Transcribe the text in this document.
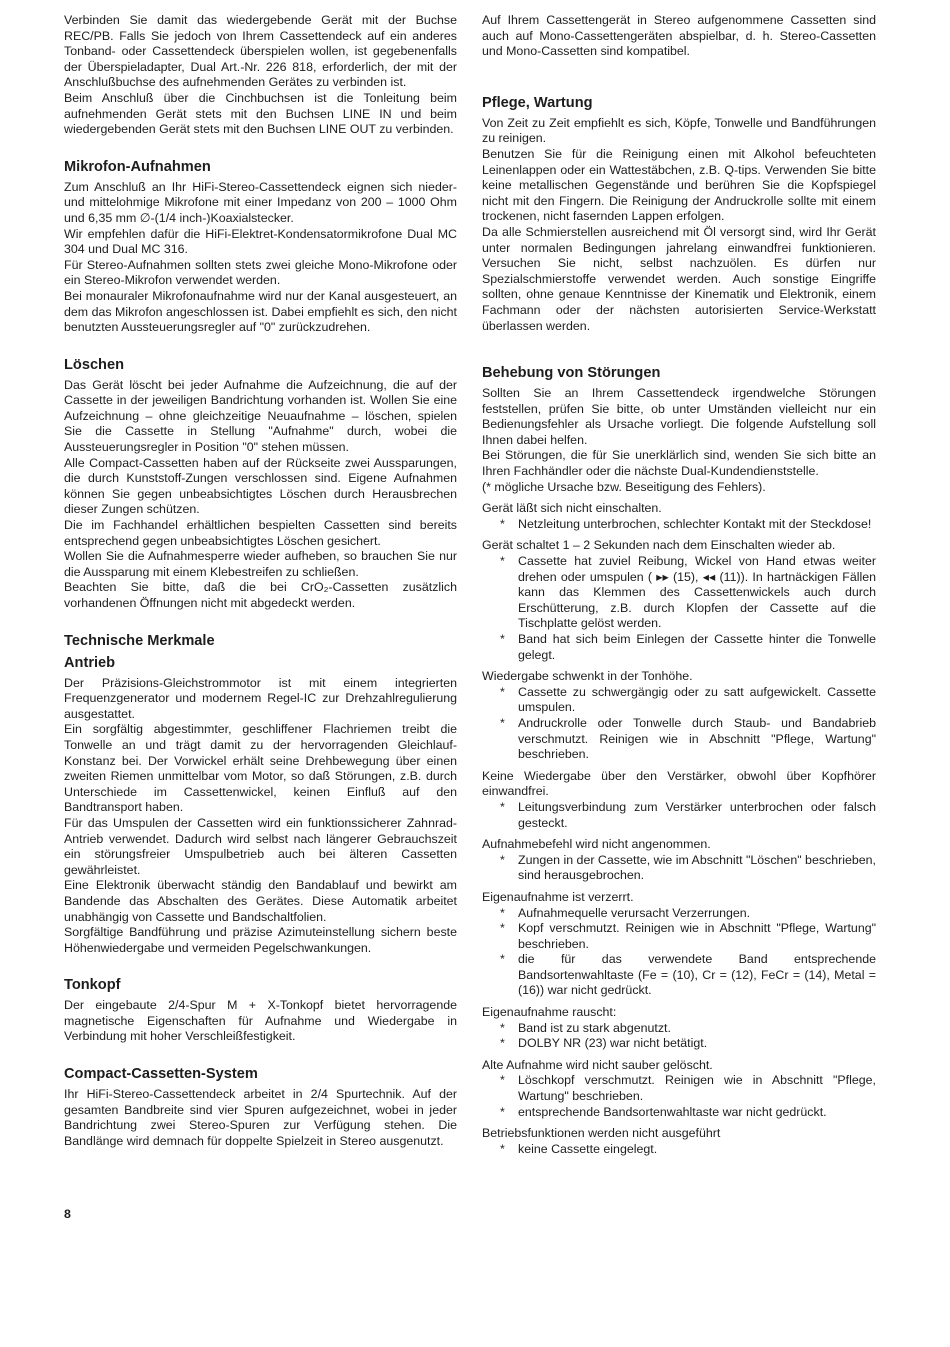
Verbinden Sie damit das wiedergebende Gerät mit der Buchse REC/PB. Falls Sie jedoch von Ihrem Cassettendeck auf ein anderes Tonband- oder Cassettendeck überspielen wollen, ist gegebenenfalls der Überspieladapter, Dual Art.-Nr. 226 818, erforderlich, der mit der Anschlußbuchse des aufnehmenden Gerätes zu verbinden ist.

Beim Anschluß über die Cinchbuchsen ist die Tonleitung beim aufnehmenden Gerät stets mit den Buchsen LINE IN und beim wiedergebenden Gerät stets mit den Buchsen LINE OUT zu verbinden.

Mikrofon-Aufnahmen

Zum Anschluß an Ihr HiFi-Stereo-Cassettendeck eignen sich nieder- und mittelohmige Mikrofone mit einer Impedanz von 200 – 1000 Ohm und 6,35 mm ∅-(1/4 inch-)Koaxialstecker.

Wir empfehlen dafür die HiFi-Elektret-Kondensatormikrofone Dual MC 304 und Dual MC 316.

Für Stereo-Aufnahmen sollten stets zwei gleiche Mono-Mikrofone oder ein Stereo-Mikrofon verwendet werden.

Bei monauraler Mikrofonaufnahme wird nur der Kanal ausgesteuert, an dem das Mikrofon angeschlossen ist. Dabei empfiehlt es sich, den nicht benutzten Aussteuerungsregler auf "0" zurückzudrehen.

Löschen

Das Gerät löscht bei jeder Aufnahme die Aufzeichnung, die auf der Cassette in der jeweiligen Bandrichtung vorhanden ist. Wollen Sie eine Aufzeichnung – ohne gleichzeitige Neuaufnahme – löschen, spielen Sie die Cassette in Stellung "Aufnahme" durch, wobei die Aussteuerungsregler in Position "0" stehen müssen.

Alle Compact-Cassetten haben auf der Rückseite zwei Aussparungen, die durch Kunststoff-Zungen verschlossen sind. Eigene Aufnahmen können Sie gegen unbeabsichtigtes Löschen durch Herausbrechen dieser Zungen schützen.

Die im Fachhandel erhältlichen bespielten Cassetten sind bereits entsprechend gegen unbeabsichtigtes Löschen gesichert.

Wollen Sie die Aufnahmesperre wieder aufheben, so brauchen Sie nur die Aussparung mit einem Klebestreifen zu schließen.

Beachten Sie bitte, daß die bei CrO₂-Cassetten zusätzlich vorhandenen Öffnungen nicht mit abgedeckt werden.

Technische Merkmale
Antrieb

Der Präzisions-Gleichstrommotor ist mit einem integrierten Frequenzgenerator und modernem Regel-IC zur Drehzahlregulierung ausgestattet.

Ein sorgfältig abgestimmter, geschliffener Flachriemen treibt die Tonwelle an und trägt damit zu der hervorragenden Gleichlauf-Konstanz bei. Der Vorwickel erhält seine Drehbewegung über einen zweiten Riemen unmittelbar vom Motor, so daß Störungen, z.B. durch Unterschiede im Cassettenwickel, keinen Einfluß auf den Bandtransport haben.

Für das Umspulen der Cassetten wird ein funktionssicherer Zahnrad-Antrieb verwendet. Dadurch wird selbst nach längerer Gebrauchszeit ein störungsfreier Umspulbetrieb auch bei älteren Cassetten gewährleistet.

Eine Elektronik überwacht ständig den Bandablauf und bewirkt am Bandende das Abschalten des Gerätes. Diese Automatik arbeitet unabhängig von Cassette und Bandschaltfolien.

Sorgfältige Bandführung und präzise Azimuteinstellung sichern beste Höhenwiedergabe und vermeiden Pegelschwankungen.

Tonkopf

Der eingebaute 2/4-Spur M + X-Tonkopf bietet hervorragende magnetische Eigenschaften für Aufnahme und Wiedergabe in Verbindung mit hoher Verschleißfestigkeit.

Compact-Cassetten-System

Ihr HiFi-Stereo-Cassettendeck arbeitet in 2/4 Spurtechnik. Auf der gesamten Bandbreite sind vier Spuren aufgezeichnet, wobei in jeder Bandrichtung zwei Stereo-Spuren zur Verfügung stehen. Die Bandlänge wird demnach für doppelte Spielzeit in Stereo ausgenutzt.

Auf Ihrem Cassettengerät in Stereo aufgenommene Cassetten sind auch auf Mono-Cassettengeräten abspielbar, d. h. Stereo-Cassetten und Mono-Cassetten sind kompatibel.

Pflege, Wartung

Von Zeit zu Zeit empfiehlt es sich, Köpfe, Tonwelle und Bandführungen zu reinigen.

Benutzen Sie für die Reinigung einen mit Alkohol befeuchteten Leinenlappen oder ein Wattestäbchen, z.B. Q-tips. Verwenden Sie bitte keine metallischen Gegenstände und berühren Sie die Kopfspiegel nicht mit den Fingern. Die Reinigung der Andruckrolle sollte mit einem trockenen, nicht fasernden Lappen erfolgen.

Da alle Schmierstellen ausreichend mit Öl versorgt sind, wird Ihr Gerät unter normalen Bedingungen jahrelang einwandfrei funktionieren. Versuchen Sie nicht, selbst nachzuölen. Es dürfen nur Spezialschmierstoffe verwendet werden. Auch sonstige Eingriffe sollten, ohne genaue Kenntnisse der Kinematik und Elektronik, einem Fachmann oder der nächsten autorisierten Service-Werkstatt überlassen werden.

Behebung von Störungen

Sollten Sie an Ihrem Cassettendeck irgendwelche Störungen feststellen, prüfen Sie bitte, ob unter Umständen vielleicht nur ein Bedienungsfehler als Ursache vorliegt. Die folgende Aufstellung soll Ihnen dabei helfen.

Bei Störungen, die für Sie unerklärlich sind, wenden Sie sich bitte an Ihren Fachhändler oder die nächste Dual-Kundendienststelle.

(* mögliche Ursache bzw. Beseitigung des Fehlers).

Gerät läßt sich nicht einschalten.

* Netzleitung unterbrochen, schlechter Kontakt mit der Steckdose!

Gerät schaltet 1 – 2 Sekunden nach dem Einschalten wieder ab.

* Cassette hat zuviel Reibung, Wickel von Hand etwas weiter drehen oder umspulen ( ▸▸ (15), ◂◂ (11)). In hartnäckigen Fällen kann das Klemmen des Cassettenwickels auch durch Erschütterung, z.B. durch Klopfen der Cassette auf die Tischplatte gelöst werden.
* Band hat sich beim Einlegen der Cassette hinter die Tonwelle gelegt.

Wiedergabe schwenkt in der Tonhöhe.

* Cassette zu schwergängig oder zu satt aufgewickelt. Cassette umspulen.
* Andruckrolle oder Tonwelle durch Staub- und Bandabrieb verschmutzt. Reinigen wie in Abschnitt "Pflege, Wartung" beschrieben.

Keine Wiedergabe über den Verstärker, obwohl über Kopfhörer einwandfrei.

* Leitungsverbindung zum Verstärker unterbrochen oder falsch gesteckt.

Aufnahmebefehl wird nicht angenommen.

* Zungen in der Cassette, wie im Abschnitt "Löschen" beschrieben, sind herausgebrochen.

Eigenaufnahme ist verzerrt.

* Aufnahmequelle verursacht Verzerrungen.
* Kopf verschmutzt. Reinigen wie in Abschnitt "Pflege, Wartung" beschrieben.
* die für das verwendete Band entsprechende Bandsortenwahltaste (Fe = (10), Cr = (12), FeCr = (14), Metal = (16)) war nicht gedrückt.

Eigenaufnahme rauscht:

* Band ist zu stark abgenutzt.
* DOLBY NR (23) war nicht betätigt.

Alte Aufnahme wird nicht sauber gelöscht.

* Löschkopf verschmutzt. Reinigen wie in Abschnitt "Pflege, Wartung" beschrieben.
* entsprechende Bandsortenwahltaste war nicht gedrückt.

Betriebsfunktionen werden nicht ausgeführt

* keine Cassette eingelegt.
8
